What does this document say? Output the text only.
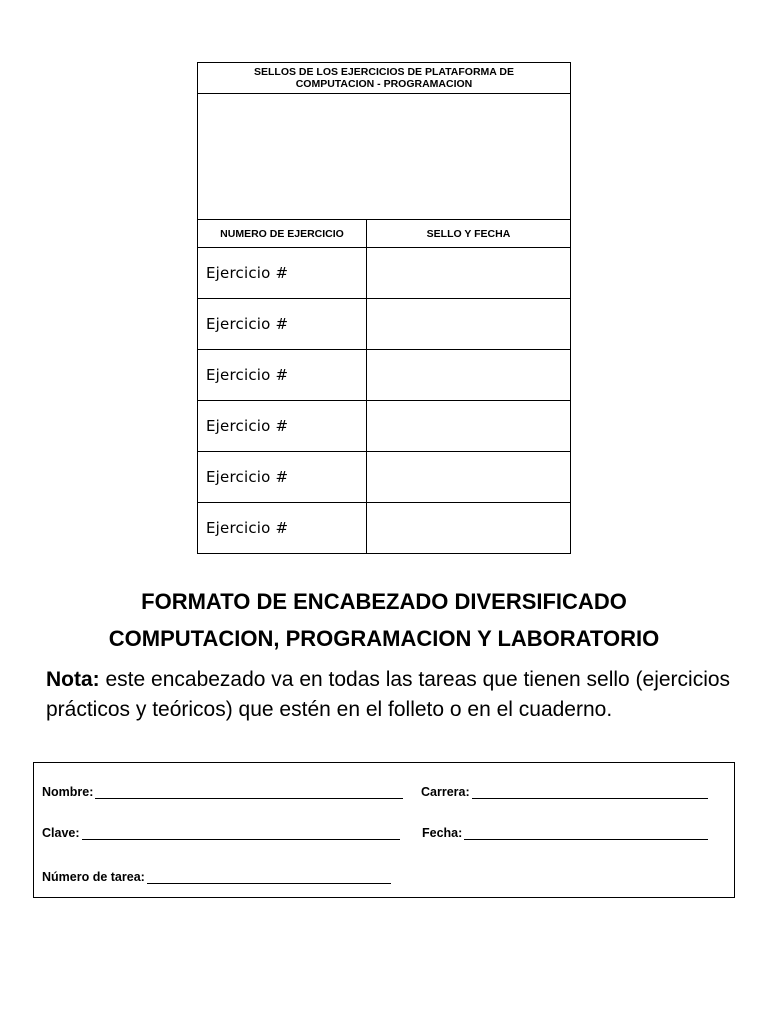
SELLOS DE LOS EJERCICIOS DE PLATAFORMA DE COMPUTACION - PROGRAMACION
NUMERO DE EJERCICIO	SELLO Y FECHA
Ejercicio #
Ejercicio #
Ejercicio #
Ejercicio #
Ejercicio #
Ejercicio #
FORMATO DE ENCABEZADO DIVERSIFICADO
COMPUTACION, PROGRAMACION Y LABORATORIO
Nota: este encabezado va en todas las tareas que tienen sello (ejercicios prácticos y teóricos) que estén en el folleto o en el cuaderno.
Nombre:	Carrera:
Clave:	Fecha:
Número de tarea:
